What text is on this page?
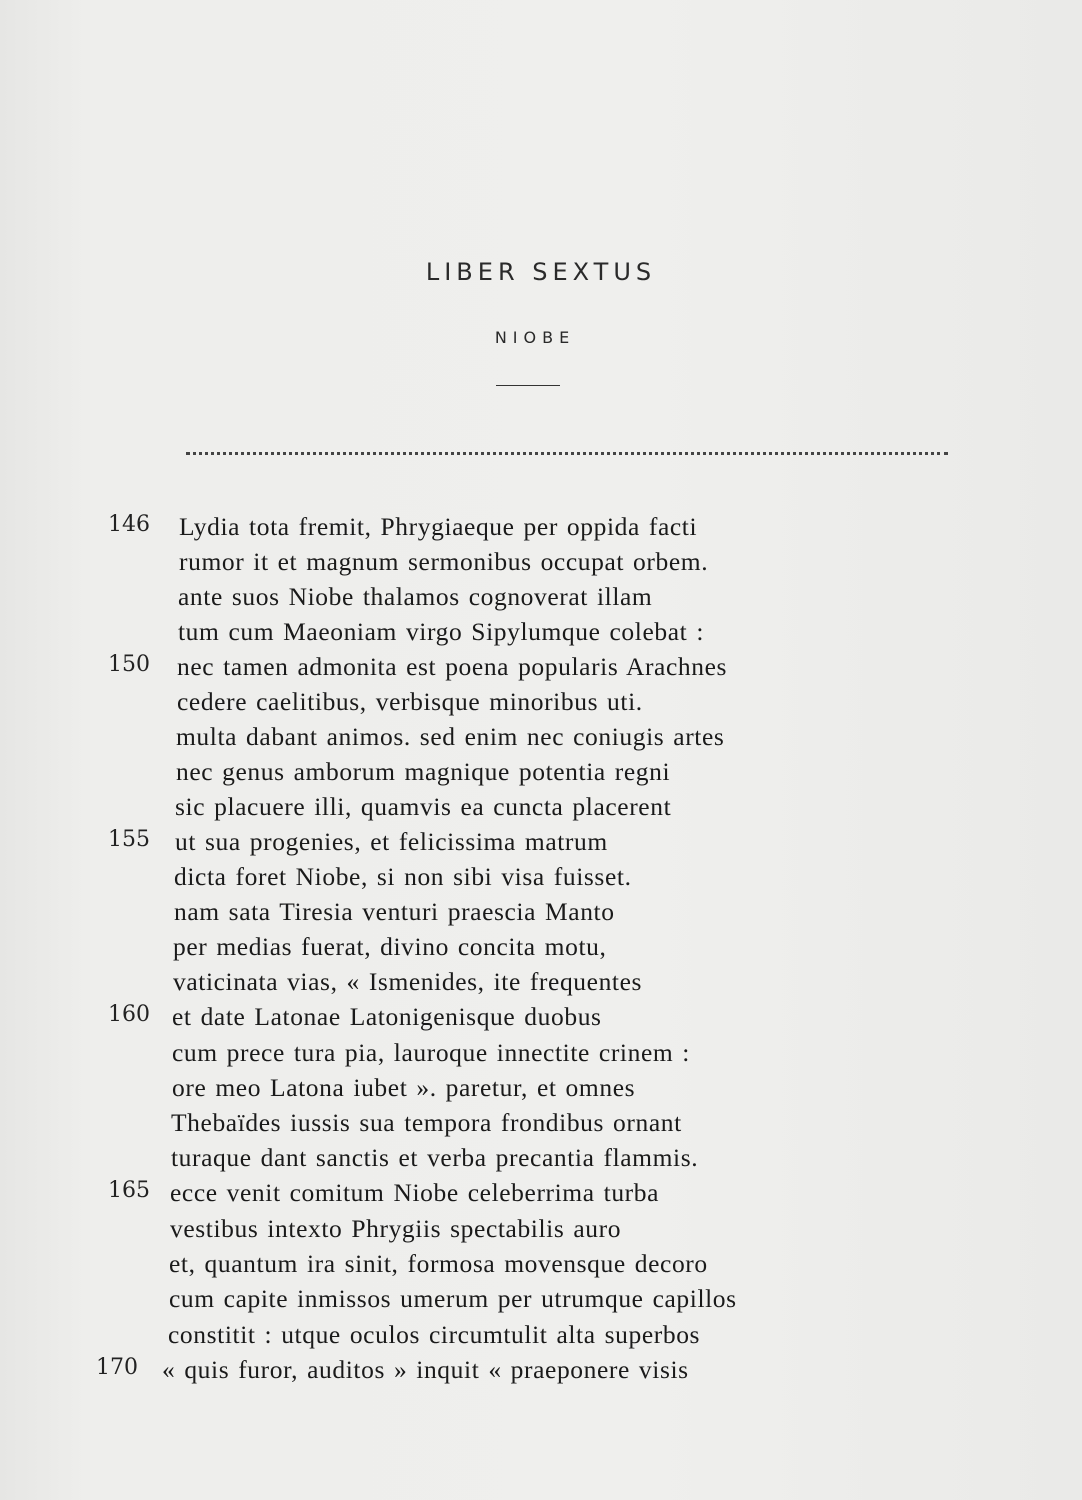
LIBER SEXTUS
NIOBE
146 Lydia tota fremit, Phrygiaeque per oppida facti
rumor it et magnum sermonibus occupat orbem.
ante suos Niobe thalamos cognoverat illam
tum cum Maeoniam virgo Sipylumque colebat :
150 nec tamen admonita est poena popularis Arachnes
cedere caelitibus, verbisque minoribus uti.
multa dabant animos. sed enim nec coniugis artes
nec genus amborum magnique potentia regni
sic placuere illi, quamvis ea cuncta placerent
155 ut sua progenies, et felicissima matrum
dicta foret Niobe, si non sibi visa fuisset.
nam sata Tiresia venturi praescia Manto
per medias fuerat, divino concita motu,
vaticinata vias, « Ismenides, ite frequentes
160 et date Latonae Latonigenisque duobus
cum prece tura pia, lauroque innectite crinem :
ore meo Latona iubet ». paretur, et omnes
Thebaïdes iussis sua tempora frondibus ornant
turaque dant sanctis et verba precantia flammis.
165 ecce venit comitum Niobe celeberrima turba
vestibus intexto Phrygiis spectabilis auro
et, quantum ira sinit, formosa movensque decoro
cum capite inmissos umerum per utrumque capillos
constitit : utque oculos circumtulit alta superbos
170 « quis furor, auditos » inquit « praeponere visis
